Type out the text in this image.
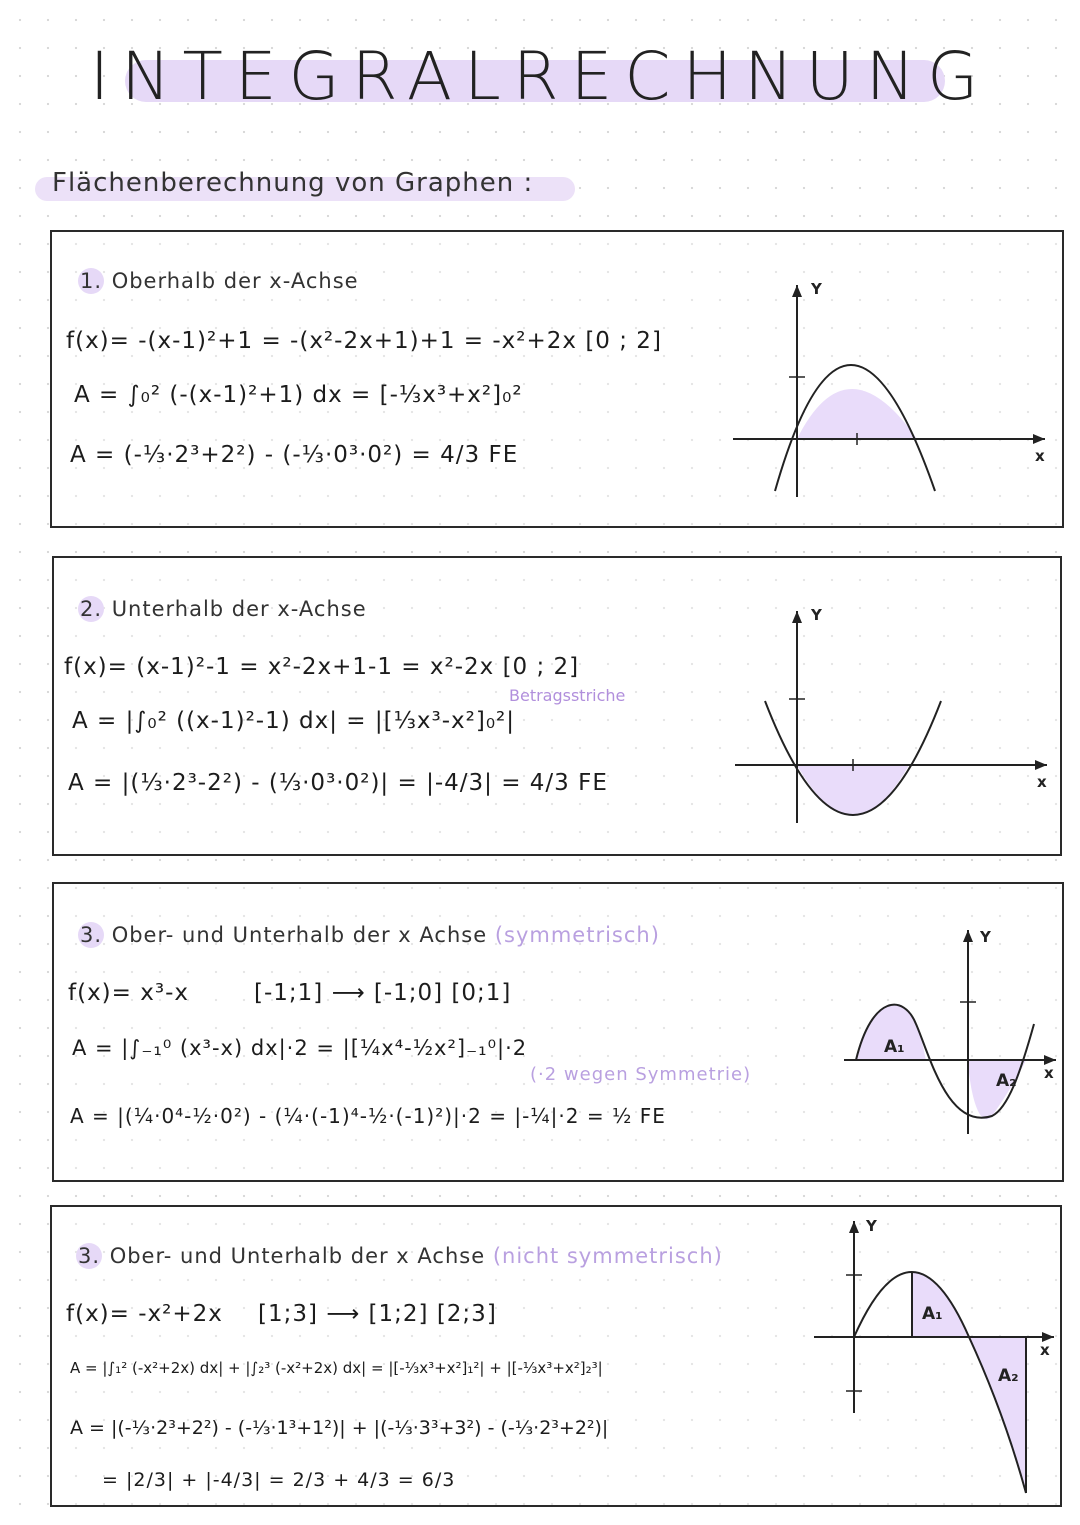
INTEGRALRECHNUNG
Flächenberechnung von Graphen :
1. Oberhalb der x-Achse
f(x)= -(x-1)²+1 = -(x²-2x+1)+1 = -x²+2x [0 ; 2]
A = ∫₀² (-(x-1)²+1) dx = [-⅓x³+x²]₀²
A = (-⅓·2³+2²) - (-⅓·0³·0²) = 4/3 FE	x
Y
2. Unterhalb der x-Achse
f(x)= (x-1)²-1 = x²-2x+1-1 = x²-2x [0 ; 2]
Betragsstriche
A = |∫₀² ((x-1)²-1) dx| = |[⅓x³-x²]₀²|
A = |(⅓·2³-2²) - (⅓·0³·0²)| = |-4/3| = 4/3 FE	x
Y
3. Ober- und Unterhalb der x Achse (symmetrisch)
f(x)= x³-x	[-1;1] ⟶ [-1;0] [0;1]
A = |∫₋₁⁰ (x³-x) dx|·2 = |[¼x⁴-½x²]₋₁⁰|·2
(·2 wegen Symmetrie)
A = |(¼·0⁴-½·0²) - (¼·(-1)⁴-½·(-1)²)|·2 = |-¼|·2 = ½ FE
A₁
A₂ x
Y
3. Ober- und Unterhalb der x Achse (nicht symmetrisch)
f(x)= -x²+2x [1;3] ⟶ [1;2] [2;3]
A = |∫₁² (-x²+2x) dx| + |∫₂³ (-x²+2x) dx| = |[-⅓x³+x²]₁²| + |[-⅓x³+x²]₂³|
A = |(-⅓·2³+2²) - (-⅓·1³+1²)| + |(-⅓·3³+3²) - (-⅓·2³+2²)|
= |2/3| + |-4/3| = 2/3 + 4/3 = 6/3
A₁
A₂
x
Y
